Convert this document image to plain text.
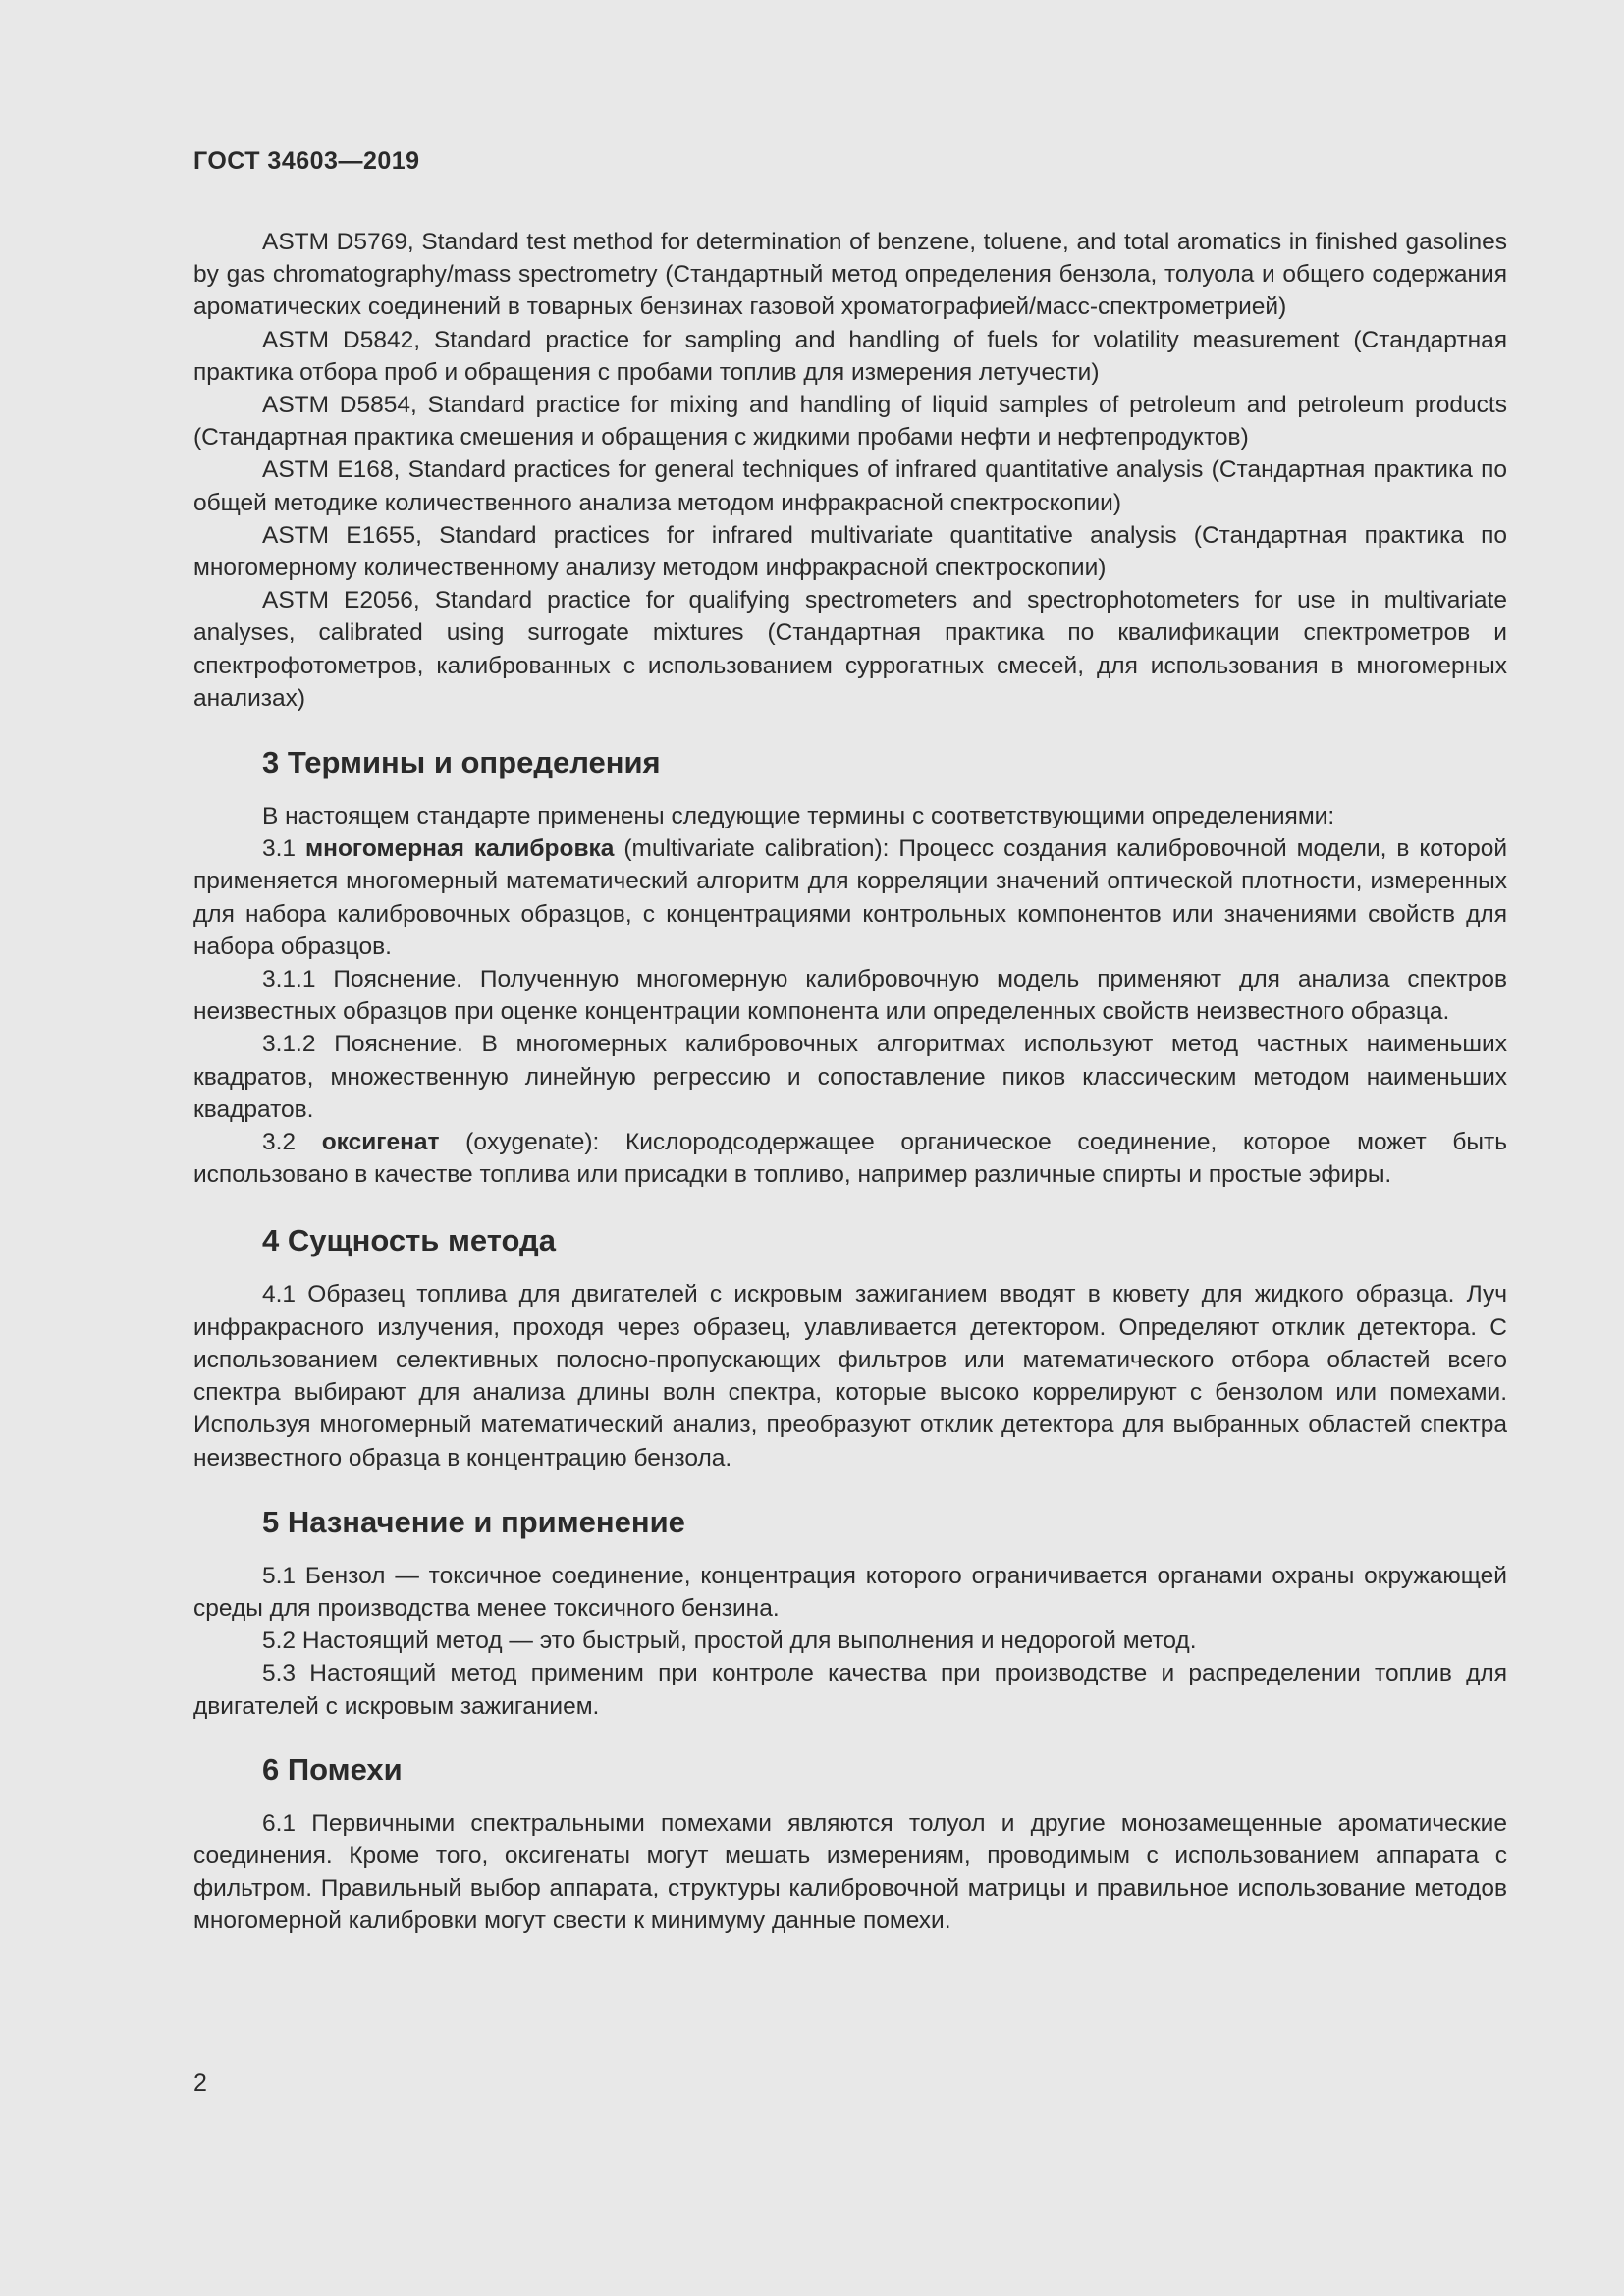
ГОСТ 34603—2019

ASTM D5769, Standard test method for determination of benzene, toluene, and total aromatics in finished gasolines by gas chromatography/mass spectrometry (Стандартный метод определения бензола, толуола и общего содержания ароматических соединений в товарных бензинах газовой хроматографией/масс-спектрометрией)

ASTM D5842, Standard practice for sampling and handling of fuels for volatility measurement (Стандартная практика отбора проб и обращения с пробами топлив для измерения летучести)

ASTM D5854, Standard practice for mixing and handling of liquid samples of petroleum and petroleum products (Стандартная практика смешения и обращения с жидкими пробами нефти и нефтепродуктов)

ASTM E168, Standard practices for general techniques of infrared quantitative analysis (Стандартная практика по общей методике количественного анализа методом инфракрасной спектроскопии)

ASTM E1655, Standard practices for infrared multivariate quantitative analysis (Стандартная практика по многомерному количественному анализу методом инфракрасной спектроскопии)

ASTM E2056, Standard practice for qualifying spectrometers and spectrophotometers for use in multivariate analyses, calibrated using surrogate mixtures (Стандартная практика по квалификации спектрометров и спектрофотометров, калиброванных с использованием суррогатных смесей, для использования в многомерных анализах)

3 Термины и определения

В настоящем стандарте применены следующие термины с соответствующими определениями:

3.1 многомерная калибровка (multivariate calibration): Процесс создания калибровочной модели, в которой применяется многомерный математический алгоритм для корреляции значений оптической плотности, измеренных для набора калибровочных образцов, с концентрациями контрольных компонентов или значениями свойств для набора образцов.

3.1.1 Пояснение. Полученную многомерную калибровочную модель применяют для анализа спектров неизвестных образцов при оценке концентрации компонента или определенных свойств неизвестного образца.

3.1.2 Пояснение. В многомерных калибровочных алгоритмах используют метод частных наименьших квадратов, множественную линейную регрессию и сопоставление пиков классическим методом наименьших квадратов.

3.2 оксигенат (oxygenate): Кислородсодержащее органическое соединение, которое может быть использовано в качестве топлива или присадки в топливо, например различные спирты и простые эфиры.

4 Сущность метода

4.1 Образец топлива для двигателей с искровым зажиганием вводят в кювету для жидкого образца. Луч инфракрасного излучения, проходя через образец, улавливается детектором. Определяют отклик детектора. С использованием селективных полосно-пропускающих фильтров или математического отбора областей всего спектра выбирают для анализа длины волн спектра, которые высоко коррелируют с бензолом или помехами. Используя многомерный математический анализ, преобразуют отклик детектора для выбранных областей спектра неизвестного образца в концентрацию бензола.

5 Назначение и применение

5.1 Бензол — токсичное соединение, концентрация которого ограничивается органами охраны окружающей среды для производства менее токсичного бензина.

5.2 Настоящий метод — это быстрый, простой для выполнения и недорогой метод.

5.3 Настоящий метод применим при контроле качества при производстве и распределении топлив для двигателей с искровым зажиганием.

6 Помехи

6.1 Первичными спектральными помехами являются толуол и другие монозамещенные ароматические соединения. Кроме того, оксигенаты могут мешать измерениям, проводимым с использованием аппарата с фильтром. Правильный выбор аппарата, структуры калибровочной матрицы и правильное использование методов многомерной калибровки могут свести к минимуму данные помехи.

2
